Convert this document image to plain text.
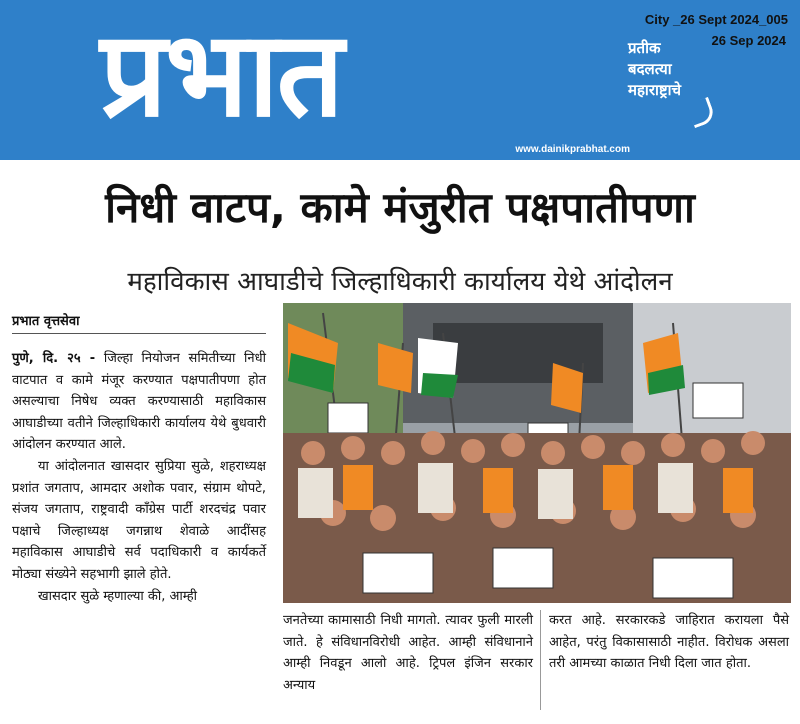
प्रभात	प्रतीक
बदलत्या
महाराष्ट्राचे
City _26 Sept 2024_005
26 Sep 2024
www.dainikprabhat.com
निधी वाटप, कामे मंजुरीत पक्षपातीपणा
महाविकास आघाडीचे जिल्हाधिकारी कार्यालय येथे आंदोलन
प्रभात वृत्तसेवा

पुणे, दि. २५ - जिल्हा नियोजन समितीच्या निधी वाटपात व कामे मंजूर करण्यात पक्षपातीपणा होत असल्याचा निषेध व्यक्त करण्यासाठी महाविकास आघाडीच्या वतीने जिल्हाधिकारी कार्यालय येथे बुधवारी आंदोलन करण्यात आले.

या आंदोलनात खासदार सुप्रिया सुळे, शहराध्यक्ष प्रशांत जगताप, आमदार अशोक पवार, संग्राम थोपटे, संजय जगताप, राष्ट्रवादी कॉंग्रेस पार्टी शरदचंद्र पवार पक्षाचे जिल्हाध्यक्ष जगन्नाथ शेवाळे आदींसह महाविकास आघाडीचे सर्व पदाधिकारी व कार्यकर्ते मोठ्या संख्येने सहभागी झाले होते.

खासदार सुळे म्हणाल्या की, आम्ही

जनतेच्या कामासाठी निधी मागतो. त्यावर फुली मारली जाते. हे संविधानविरोधी आहेत. आम्ही संविधानाने आम्ही निवडून आलो आहे. ट्रिपल इंजिन सरकार अन्याय
करत आहे. सरकारकडे जाहिरात करायला पैसे आहेत, परंतु विकासासाठी नाहीत. विरोधक असला तरी आमच्या काळात निधी दिला जात होता.
